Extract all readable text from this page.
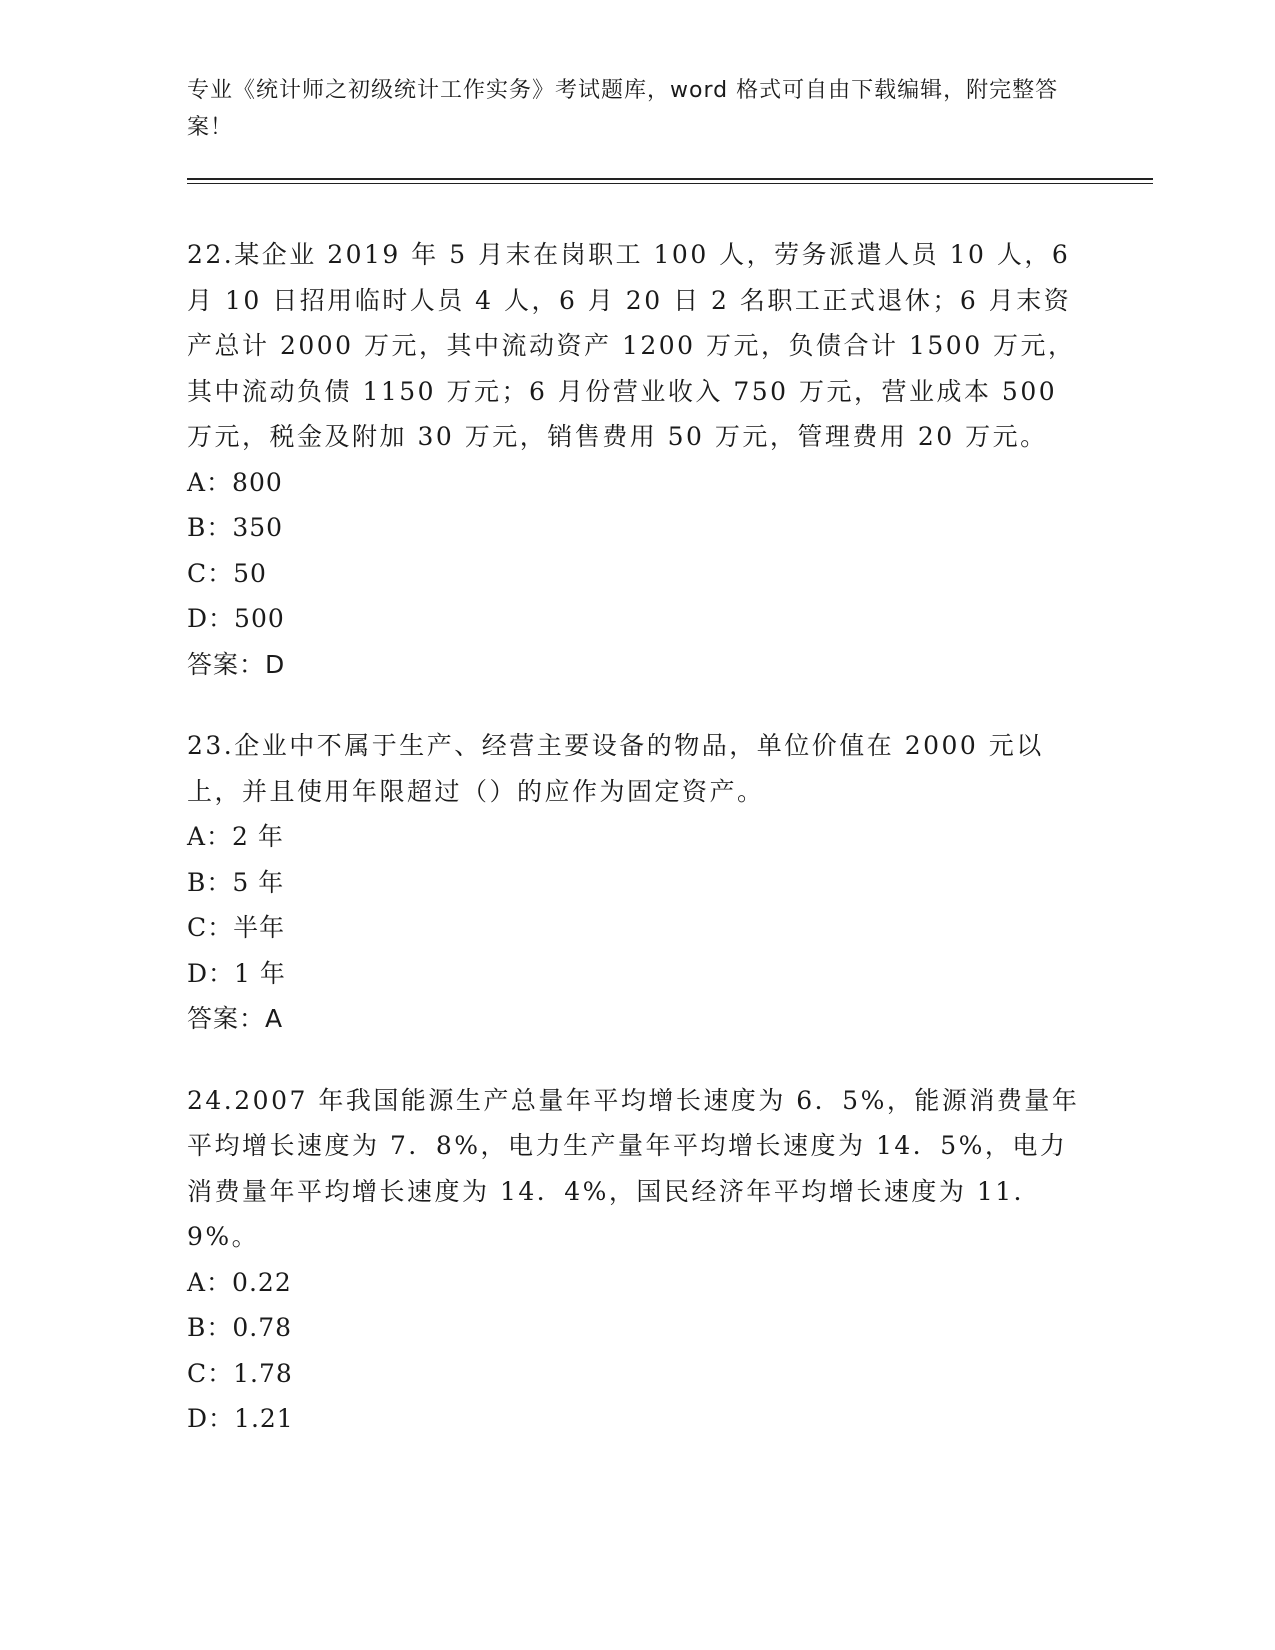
专业《统计师之初级统计工作实务》考试题库，word 格式可自由下载编辑，附完整答案！
22.某企业 2019 年 5 月末在岗职工 100 人，劳务派遣人员 10 人，6 月 10 日招用临时人员 4 人，6 月 20 日 2 名职工正式退休；6 月末资产总计 2000 万元，其中流动资产 1200 万元，负债合计 1500 万元，其中流动负债 1150 万元；6 月份营业收入 750 万元，营业成本 500 万元，税金及附加 30 万元，销售费用 50 万元，管理费用 20 万元。
A：800
B：350
C：50
D：500
答案：D
23.企业中不属于生产、经营主要设备的物品，单位价值在 2000 元以上，并且使用年限超过（）的应作为固定资产。
A：2 年
B：5 年
C：半年
D：1 年
答案：A
24.2007 年我国能源生产总量年平均增长速度为 6．5%，能源消费量年平均增长速度为 7．8%，电力生产量年平均增长速度为 14．5%，电力消费量年平均增长速度为 14．4%，国民经济年平均增长速度为 11．9%。
A：0.22
B：0.78
C：1.78
D：1.21
